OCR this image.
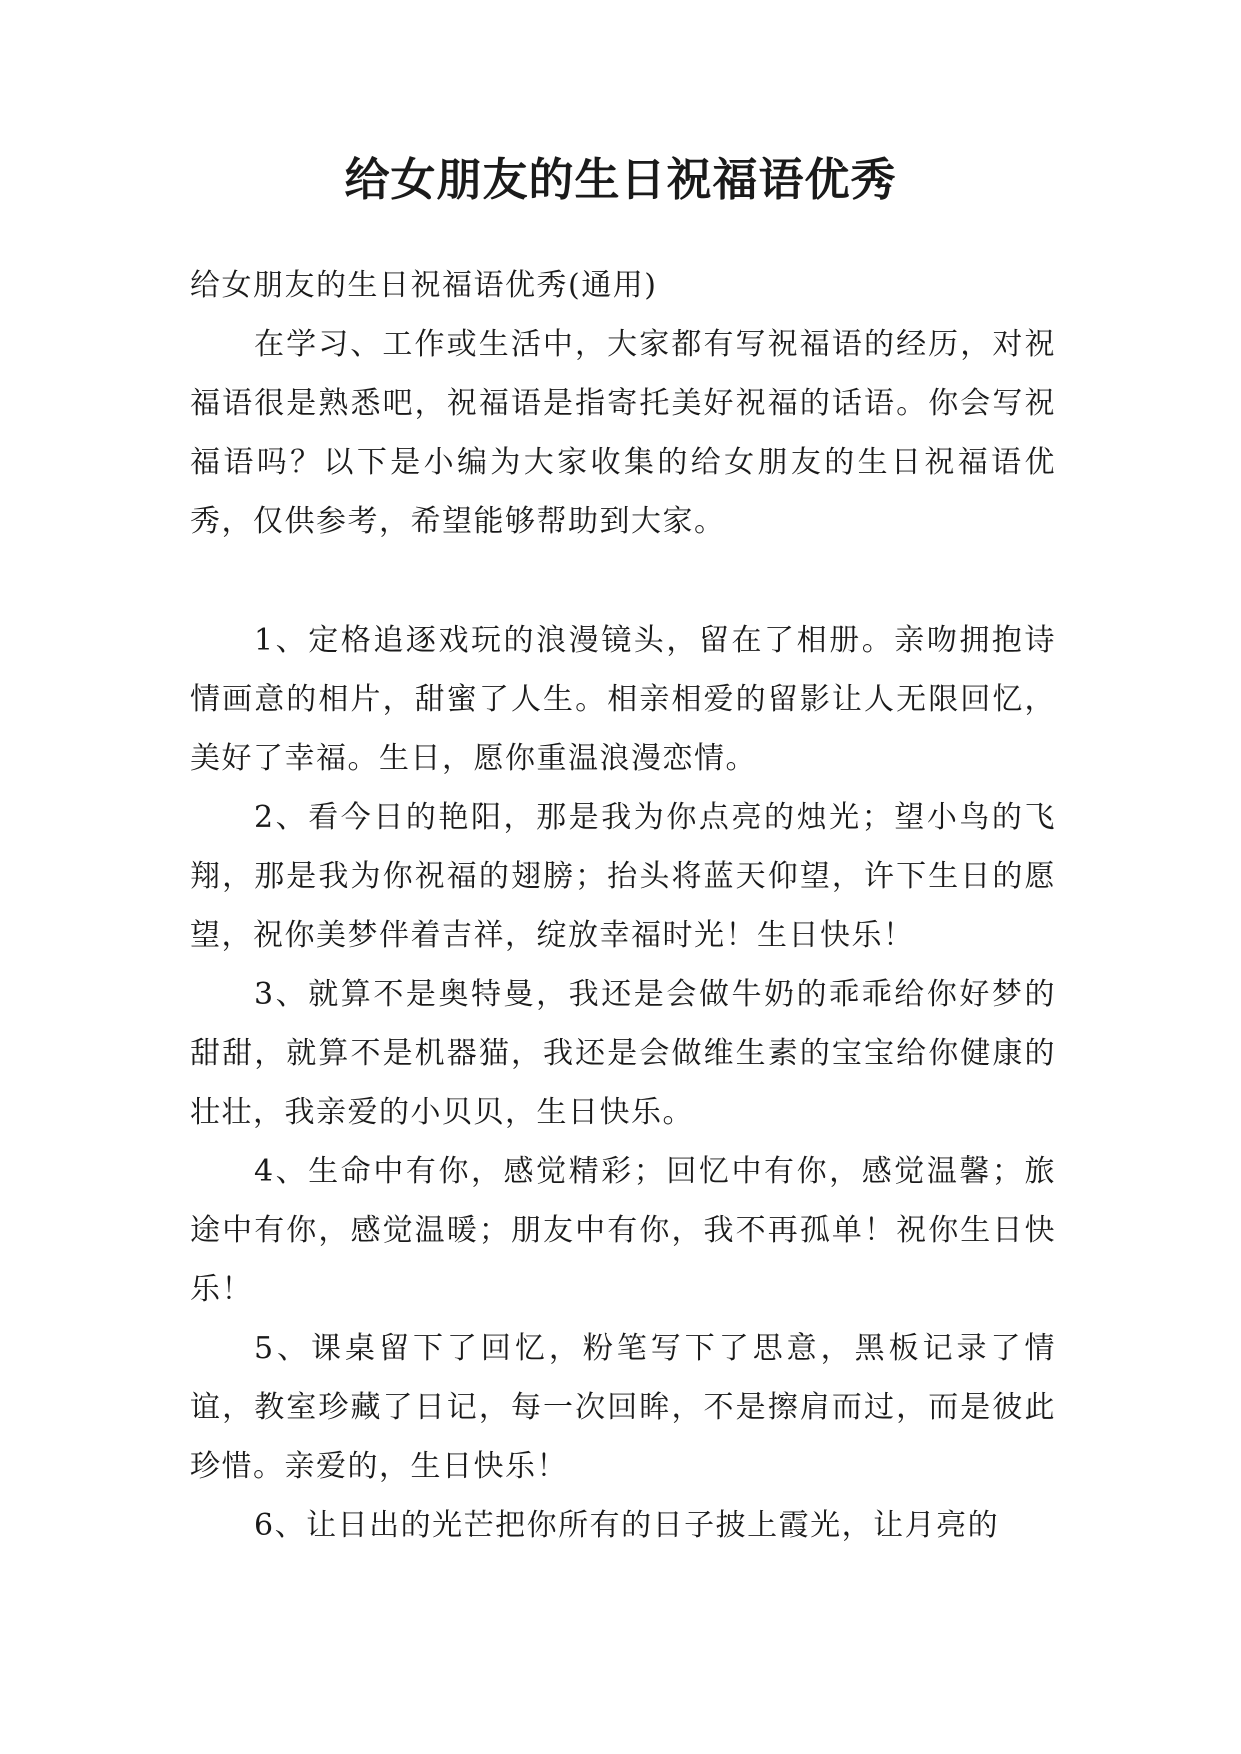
给女朋友的生日祝福语优秀

给女朋友的生日祝福语优秀(通用)

在学习、工作或生活中，大家都有写祝福语的经历，对祝福语很是熟悉吧，祝福语是指寄托美好祝福的话语。你会写祝福语吗？以下是小编为大家收集的给女朋友的生日祝福语优秀，仅供参考，希望能够帮助到大家。

1、定格追逐戏玩的浪漫镜头，留在了相册。亲吻拥抱诗情画意的相片，甜蜜了人生。相亲相爱的留影让人无限回忆，美好了幸福。生日，愿你重温浪漫恋情。

2、看今日的艳阳，那是我为你点亮的烛光；望小鸟的飞翔，那是我为你祝福的翅膀；抬头将蓝天仰望，许下生日的愿望，祝你美梦伴着吉祥，绽放幸福时光！生日快乐！

3、就算不是奥特曼，我还是会做牛奶的乖乖给你好梦的甜甜，就算不是机器猫，我还是会做维生素的宝宝给你健康的壮壮，我亲爱的小贝贝，生日快乐。

4、生命中有你，感觉精彩；回忆中有你，感觉温馨；旅途中有你，感觉温暖；朋友中有你，我不再孤单！祝你生日快乐！

5、课桌留下了回忆，粉笔写下了思意，黑板记录了情谊，教室珍藏了日记，每一次回眸，不是擦肩而过，而是彼此珍惜。亲爱的，生日快乐！

6、让日出的光芒把你所有的日子披上霞光，让月亮的
